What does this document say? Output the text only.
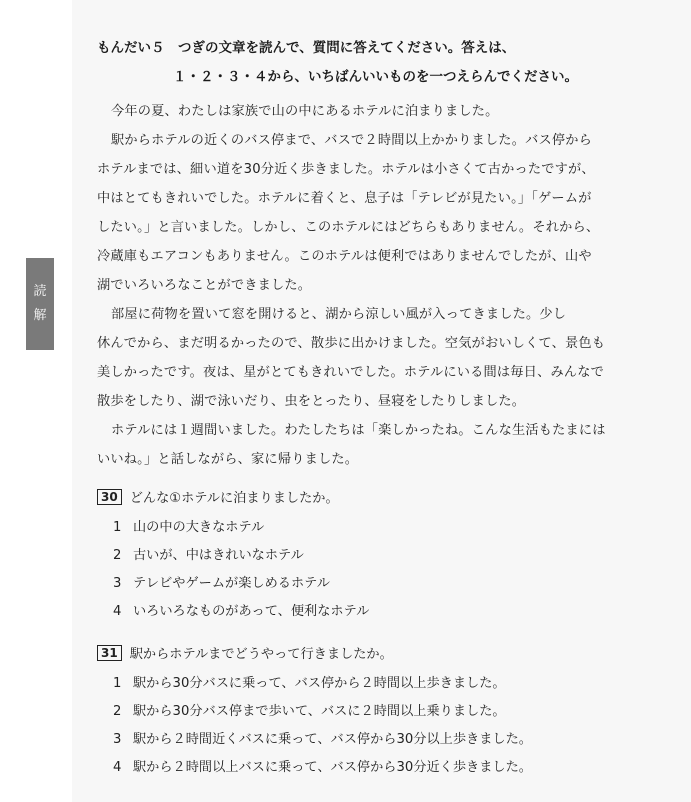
読
解
もんだい５　つぎの文章を読んで、質問に答えてください。答えは、
１・２・３・４から、いちばんいいものを一つえらんでください。
今年の夏、わたしは家族で山の中にあるホテルに泊まりました。
駅からホテルの近くのバス停まで、バスで２時間以上かかりました。バス停から
ホテルまでは、細い道を30分近く歩きました。ホテルは小さくて古かったですが、
中はとてもきれいでした。ホテルに着くと、息子は「テレビが見たい。」「ゲームが
したい。」と言いました。しかし、このホテルにはどちらもありません。それから、
冷蔵庫もエアコンもありません。このホテルは便利ではありませんでしたが、山や
湖でいろいろなことができました。
部屋に荷物を置いて窓を開けると、湖から涼しい風が入ってきました。少し
休んでから、まだ明るかったので、散歩に出かけました。空気がおいしくて、景色も
美しかったです。夜は、星がとてもきれいでした。ホテルにいる間は毎日、みんなで
散歩をしたり、湖で泳いだり、虫をとったり、昼寝をしたりしました。
ホテルには１週間いました。わたしたちは「楽しかったね。こんな生活もたまには
いいね。」と話しながら、家に帰りました。
30 どんな①ホテルに泊まりましたか。
1 山の中の大きなホテル
2 古いが、中はきれいなホテル
3 テレビやゲームが楽しめるホテル
4 いろいろなものがあって、便利なホテル
31 駅からホテルまでどうやって行きましたか。
1 駅から30分バスに乗って、バス停から２時間以上歩きました。
2 駅から30分バス停まで歩いて、バスに２時間以上乗りました。
3 駅から２時間近くバスに乗って、バス停から30分以上歩きました。
4 駅から２時間以上バスに乗って、バス停から30分近く歩きました。
